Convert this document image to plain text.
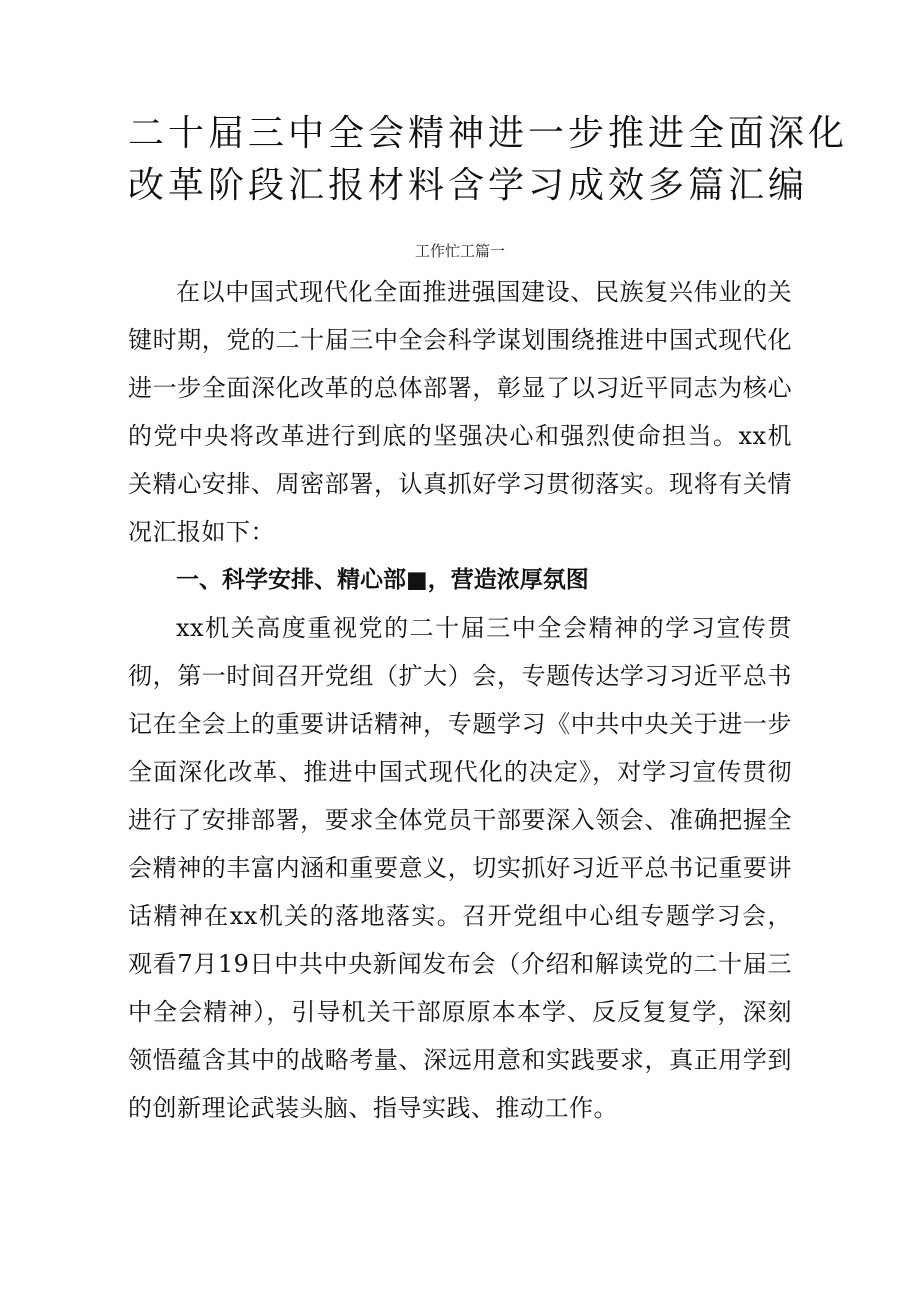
二十届三中全会精神进一步推进全面深化
改革阶段汇报材料含学习成效多篇汇编
工作忙工篇一

在以中国式现代化全面推进强国建设、民族复兴伟业的关键时期，党的二十届三中全会科学谋划围绕推进中国式现代化进一步全面深化改革的总体部署，彰显了以习近平同志为核心的党中央将改革进行到底的坚强决心和强烈使命担当。xx机关精心安排、周密部署，认真抓好学习贯彻落实。现将有关情况汇报如下：

一、科学安排、精心部■，营造浓厚氛图

xx机关高度重视党的二十届三中全会精神的学习宣传贯彻，第一时间召开党组（扩大）会，专题传达学习习近平总书记在全会上的重要讲话精神，专题学习《中共中央关于进一步全面深化改革、推进中国式现代化的决定》，对学习宣传贯彻进行了安排部署，要求全体党员干部要深入领会、准确把握全会精神的丰富内涵和重要意义，切实抓好习近平总书记重要讲话精神在xx机关的落地落实。召开党组中心组专题学习会，观看7月19日中共中央新闻发布会（介绍和解读党的二十届三中全会精神），引导机关干部原原本本学、反反复复学，深刻领悟蕴含其中的战略考量、深远用意和实践要求，真正用学到的创新理论武装头脑、指导实践、推动工作。
